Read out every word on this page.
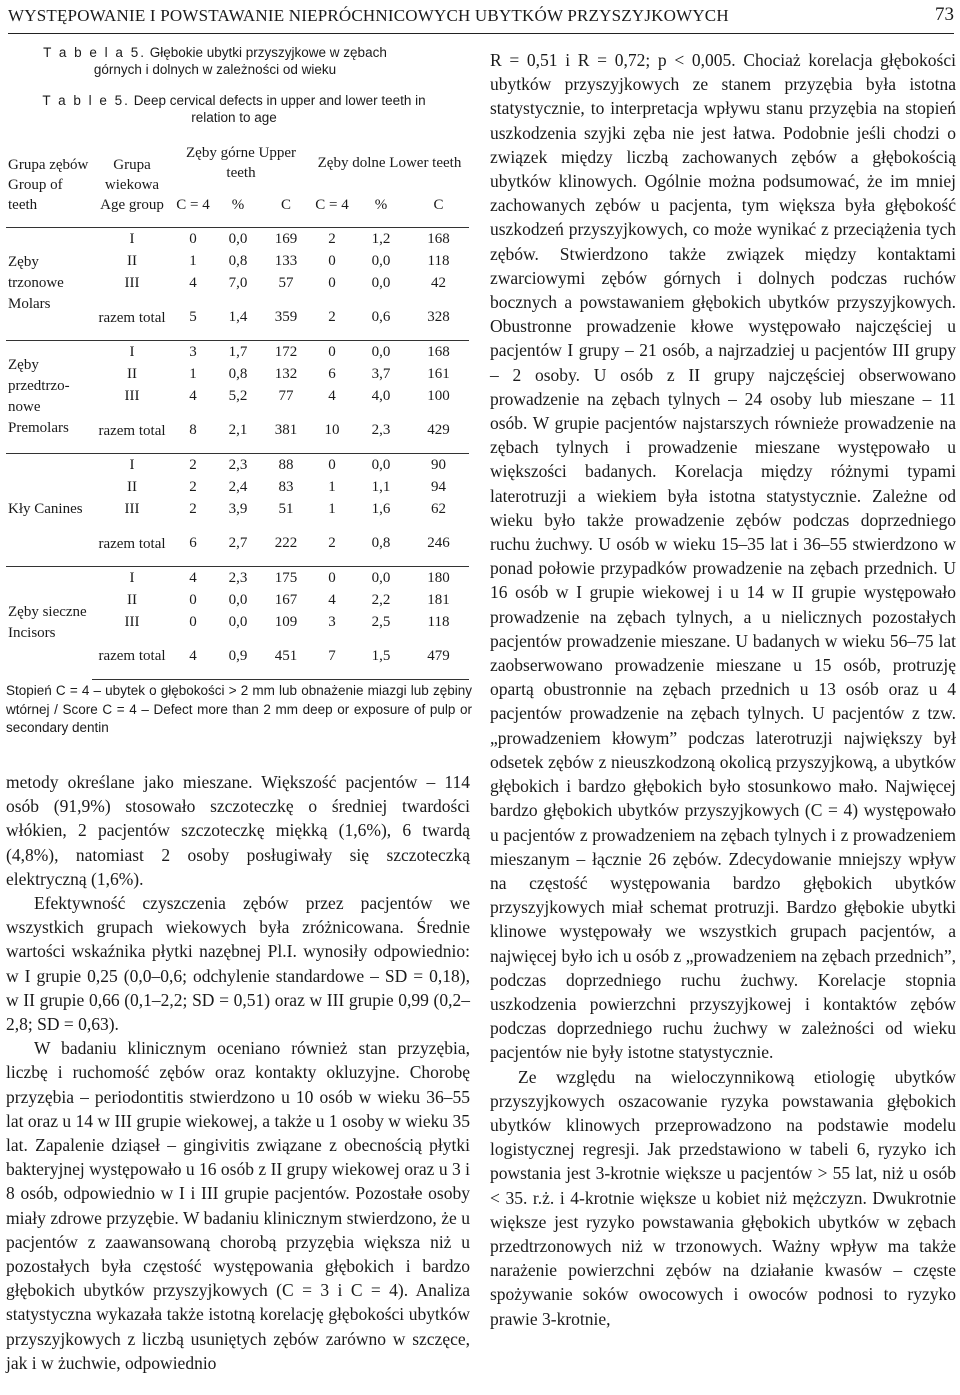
WYSTĘPOWANIE I POWSTAWANIE NIEPRÓCHNICOWYCH UBYTKÓW PRZYSZYJKOWYCH	73
T a b e l a 5. Głębokie ubytki przyszyjkowe w zębach górnych i dolnych w zależności od wieku
T a b l e 5. Deep cervical defects in upper and lower teeth in relation to age
Grupa zębów Group of teeth	Grupa wiekowa Age group	Zęby górne Upper teeth			Zęby dolne Lower teeth		
		C = 4	%	C	C = 4	%	C
Zęby trzonowe Molars	I	0	0,0	169	2	1,2	168
	II	1	0,8	133	0	0,0	118
	III	4	7,0	57	0	0,0	42
	razem total	5	1,4	359	2	0,6	328
Zęby przedtrzo-nowe Premolars	I	3	1,7	172	0	0,0	168
	II	1	0,8	132	6	3,7	161
	III	4	5,2	77	4	4,0	100
	razem total	8	2,1	381	10	2,3	429
Kły Canines	I	2	2,3	88	0	0,0	90
	II	2	2,4	83	1	1,1	94
	III	2	3,9	51	1	1,6	62
	razem total	6	2,7	222	2	0,8	246
Zęby sieczne Incisors	I	4	2,3	175	0	0,0	180
	II	0	0,0	167	4	2,2	181
	III	0	0,0	109	3	2,5	118
	razem total	4	0,9	451	7	1,5	479
Stopień C = 4 – ubytek o głębokości > 2 mm lub obnażenie miazgi lub zębiny wtórnej / Score C = 4 – Defect more than 2 mm deep or exposure of pulp or secondary dentin

metody określane jako mieszane. Większość pacjentów – 114 osób (91,9%) stosowało szczoteczkę o średniej twardości włókien, 2 pacjentów szczoteczkę miękką (1,6%), 6 twardą (4,8%), natomiast 2 osoby posługiwały się szczoteczką elektryczną (1,6%).

Efektywność czyszczenia zębów przez pacjentów we wszystkich grupach wiekowych była zróżnicowana. Średnie wartości wskaźnika płytki nazębnej Pl.I. wynosiły odpowiednio: w I grupie 0,25 (0,0–0,6; odchylenie standardowe – SD = 0,18), w II grupie 0,66 (0,1–2,2; SD = 0,51) oraz w III grupie 0,99 (0,2–2,8; SD = 0,63).

W badaniu klinicznym oceniano również stan przyzębia, liczbę i ruchomość zębów oraz kontakty okluzyjne. Chorobę przyzębia – periodontitis stwierdzono u 10 osób w wieku 36–55 lat oraz u 14 w III grupie wiekowej, a także u 1 osoby w wieku 35 lat. Zapalenie dziąseł – gingivitis związane z obecnością płytki bakteryjnej występowało u 16 osób z II grupy wiekowej oraz u 3 i 8 osób, odpowiednio w I i III grupie pacjentów. Pozostałe osoby miały zdrowe przyzębie. W badaniu klinicznym stwierdzono, że u pacjentów z zaawansowaną chorobą przyzębia większa niż u pozostałych była częstość występowania głębokich i bardzo głębokich ubytków przyszyjkowych (C = 3 i C = 4). Analiza statystyczna wykazała także istotną korelację głębokości ubytków przyszyjkowych z liczbą usuniętych zębów zarówno w szczęce, jak i w żuchwie, odpowiednio

R = 0,51 i R = 0,72; p < 0,005. Chociaż korelacja głębokości ubytków przyszyjkowych ze stanem przyzębia była istotna statystycznie, to interpretacja wpływu stanu przyzębia na stopień uszkodzenia szyjki zęba nie jest łatwa. Podobnie jeśli chodzi o związek między liczbą zachowanych zębów a głębokością ubytków klinowych. Ogólnie można podsumować, że im mniej zachowanych zębów u pacjenta, tym większa była głębokość uszkodzeń przyszyjkowych, co może wynikać z przeciążenia tych zębów. Stwierdzono także związek między kontaktami zwarciowymi zębów górnych i dolnych podczas ruchów bocznych a powstawaniem głębokich ubytków przyszyjkowych. Obustronne prowadzenie kłowe występowało najczęściej u pacjentów I grupy – 21 osób, a najrzadziej u pacjentów III grupy – 2 osoby. U osób z II grupy najczęściej obserwowano prowadzenie na zębach tylnych – 24 osoby lub mieszane – 11 osób. W grupie pacjentów najstarszych równieże prowadzenie na zębach tylnych i prowadzenie mieszane występowało u większości badanych. Korelacja między różnymi typami laterotruzji a wiekiem była istotna statystycznie. Zależne od wieku było także prowadzenie zębów podczas doprzedniego ruchu żuchwy. U osób w wieku 15–35 lat i 36–55 stwierdzono w ponad połowie przypadków prowadzenie na zębach przednich. U 16 osób w I grupie wiekowej i u 14 w II grupie występowało prowadzenie na zębach tylnych, a u nielicznych pozostałych pacjentów prowadzenie mieszane. U badanych w wieku 56–75 lat zaobserwowano prowadzenie mieszane u 15 osób, protruzję opartą obustronnie na zębach przednich u 13 osób oraz u 4 pacjentów prowadzenie na zębach tylnych. U pacjentów z tzw. „prowadzeniem kłowym” podczas laterotruzji największy był odsetek zębów z nieuszkodzoną okolicą przyszyjkową, a ubytków głębokich i bardzo głębokich było stosunkowo mało. Najwięcej bardzo głębokich ubytków przyszyjkowych (C = 4) występowało u pacjentów z prowadzeniem na zębach tylnych i z prowadzeniem mieszanym – łącznie 26 zębów. Zdecydowanie mniejszy wpływ na częstość występowania bardzo głębokich ubytków przyszyjkowych miał schemat protruzji. Bardzo głębokie ubytki klinowe występowały we wszystkich grupach pacjentów, a najwięcej było ich u osób z „prowadzeniem na zębach przednich”, podczas doprzedniego ruchu żuchwy. Korelacje stopnia uszkodzenia powierzchni przyszyjkowej i kontaktów zębów podczas doprzedniego ruchu żuchwy w zależności od wieku pacjentów nie były istotne statystycznie.

Ze względu na wieloczynnikową etiologię ubytków przyszyjkowych oszacowanie ryzyka powstawania głębokich ubytków klinowych przeprowadzono na podstawie modelu logistycznej regresji. Jak przedstawiono w tabeli 6, ryzyko ich powstania jest 3-krotnie większe u pacjentów > 55 lat, niż u osób < 35. r.ż. i 4-krotnie większe u kobiet niż mężczyzn. Dwukrotnie większe jest ryzyko powstawania głębokich ubytków w zębach przedtrzonowych niż w trzonowych. Ważny wpływ ma także narażenie powierzchni zębów na działanie kwasów – częste spożywanie soków owocowych i owoców podnosi to ryzyko prawie 3-krotnie,
